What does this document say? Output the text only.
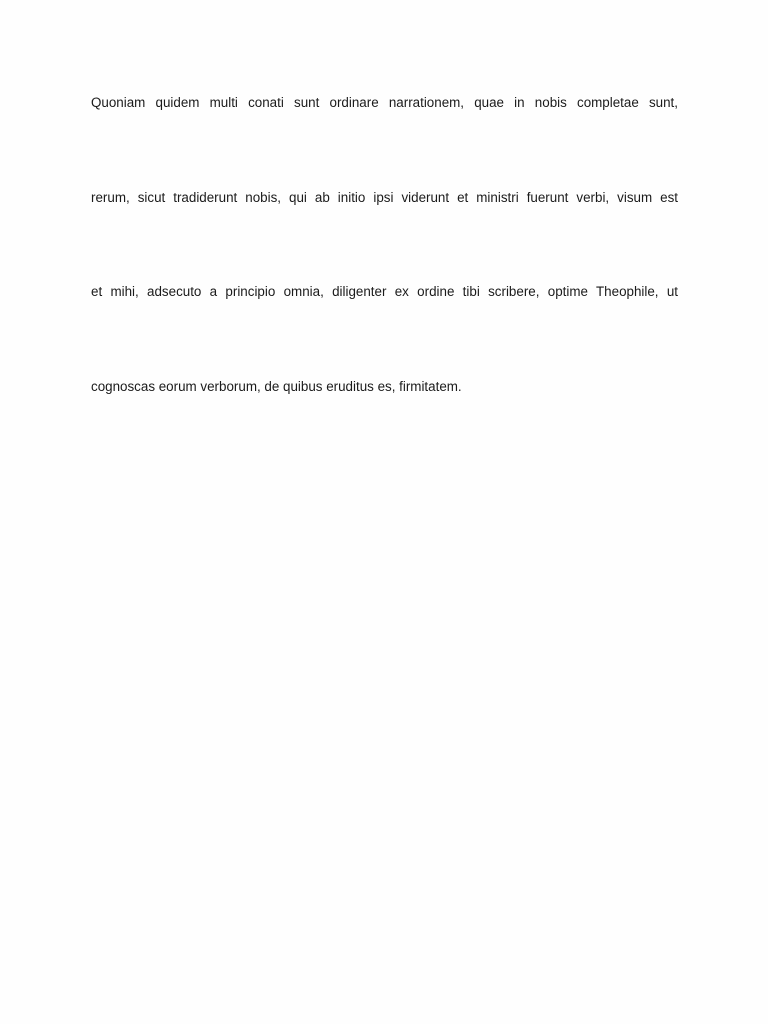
Quoniam quidem multi conati sunt ordinare narrationem, quae in nobis completae sunt,
rerum, sicut tradiderunt nobis, qui ab initio ipsi viderunt et ministri fuerunt verbi, visum est
et mihi, adsecuto a principio omnia, diligenter ex ordine tibi scribere, optime Theophile, ut
cognoscas eorum verborum, de quibus eruditus es, firmitatem.
